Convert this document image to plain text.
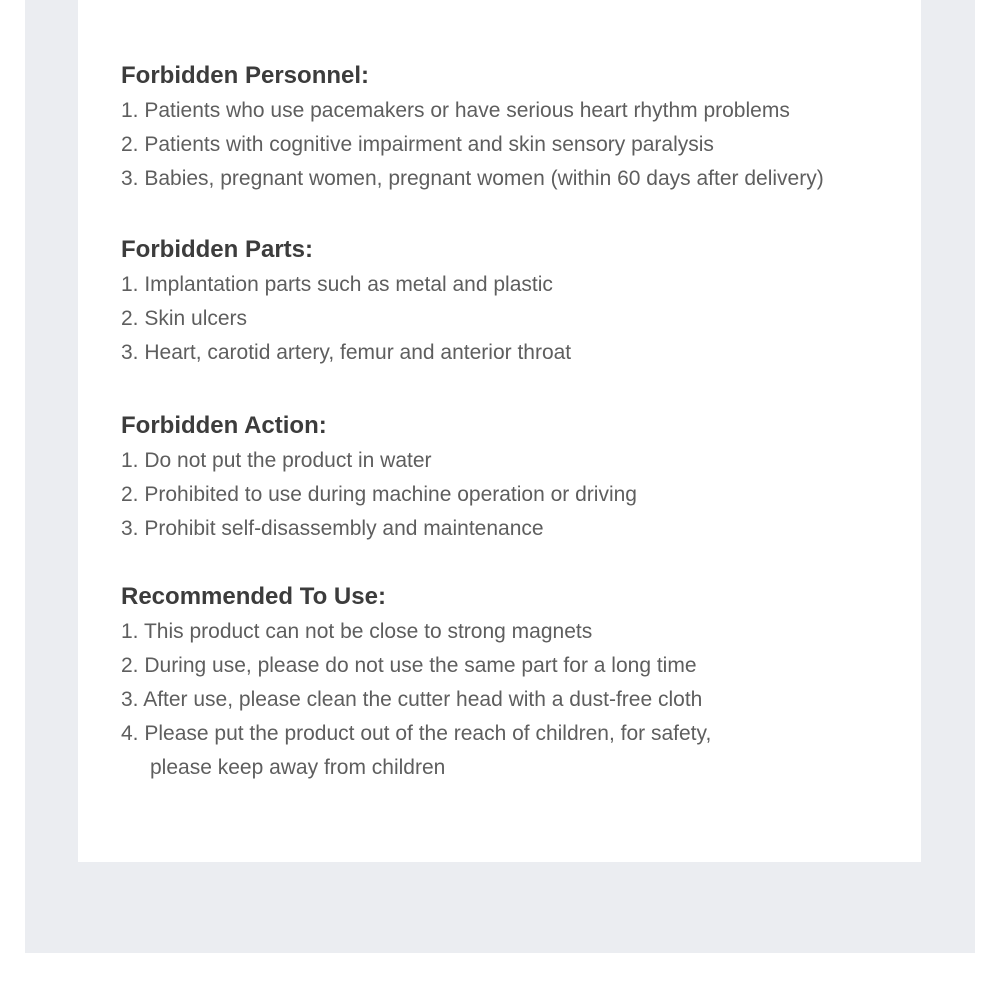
Forbidden Personnel:
1. Patients who use pacemakers or have serious heart rhythm problems
2. Patients with cognitive impairment and skin sensory paralysis
3. Babies, pregnant women, pregnant women (within 60 days after delivery)
Forbidden Parts:
1. Implantation parts such as metal and plastic
2. Skin ulcers
3. Heart, carotid artery, femur and anterior throat
Forbidden Action:
1. Do not put the product in water
2. Prohibited to use during machine operation or driving
3. Prohibit self-disassembly and maintenance
Recommended To Use:
1. This product can not be close to strong magnets
2. During use, please do not use the same part for a long time
3. After use, please clean the cutter head with a dust-free cloth
4. Please put the product out of the reach of children, for safety,
please keep away from children
